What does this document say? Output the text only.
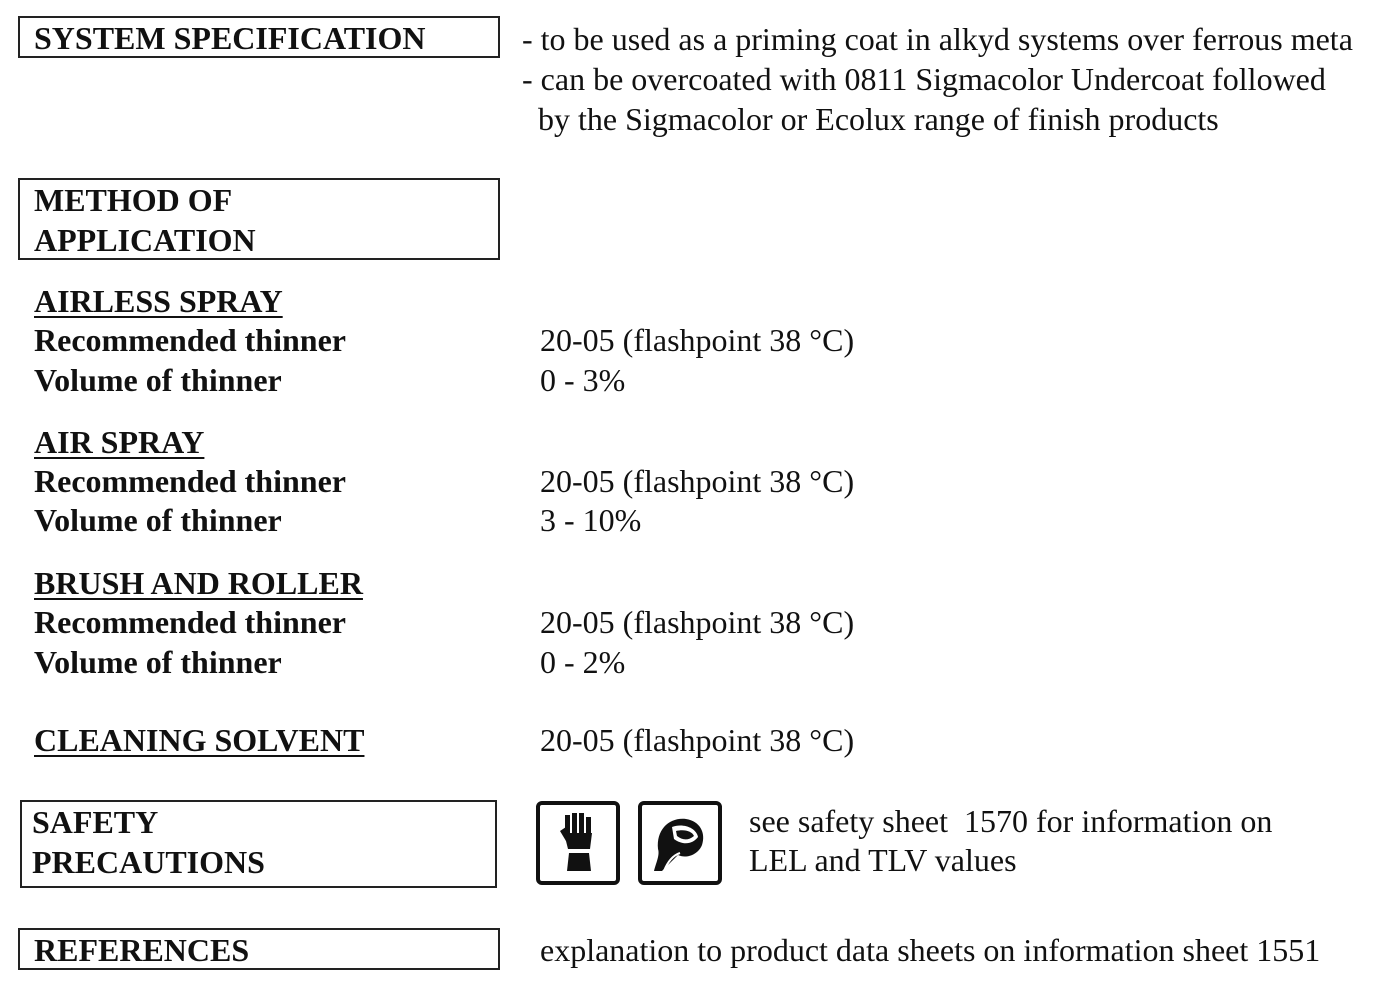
SYSTEM SPECIFICATION	- to be used as a priming coat in alkyd systems over ferrous meta
- can be overcoated with 0811 Sigmacolor Undercoat followed
by the Sigmacolor or Ecolux range of finish products
METHOD OF
APPLICATION
AIRLESS SPRAY
Recommended thinner	20-05 (flashpoint 38 °C)
Volume of thinner	0 - 3%
AIR SPRAY
Recommended thinner	20-05 (flashpoint 38 °C)
Volume of thinner	3 - 10%
BRUSH AND ROLLER
Recommended thinner	20-05 (flashpoint 38 °C)
Volume of thinner	0 - 2%
CLEANING SOLVENT	20-05 (flashpoint 38 °C)
SAFETY
PRECAUTIONS
see safety sheet  1570 for information on
LEL and TLV values
REFERENCES	explanation to product data sheets on information sheet 1551
